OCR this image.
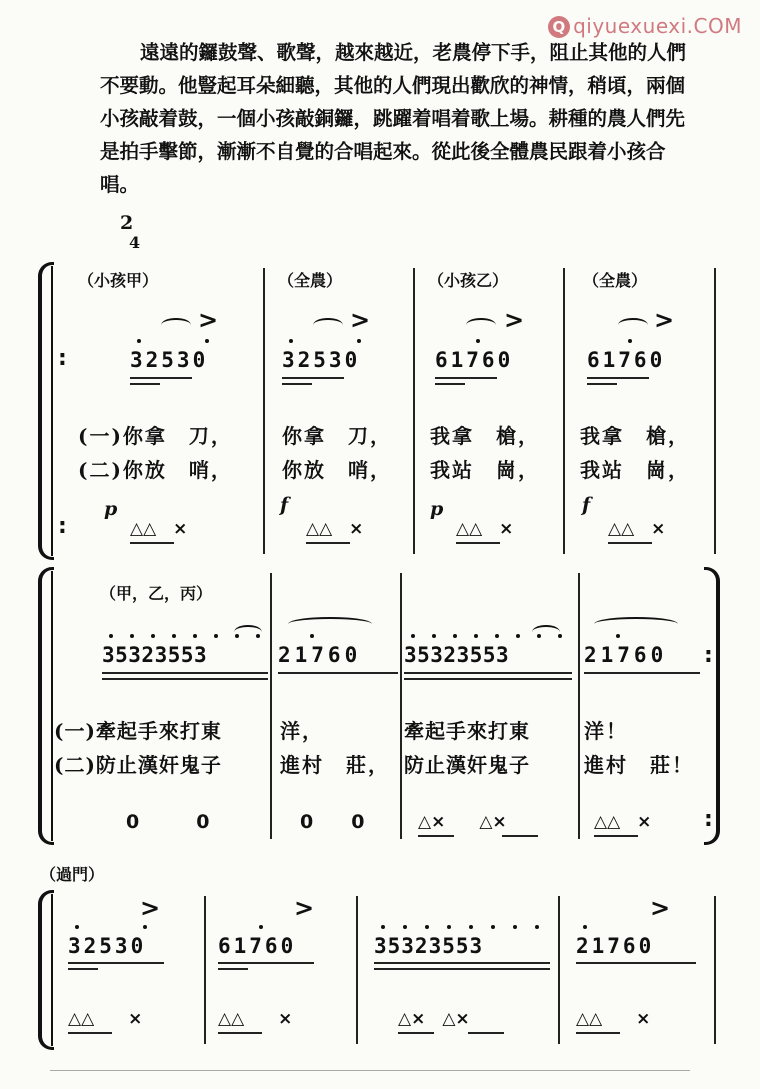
Q qiyuexuexi.COM
遠遠的鑼鼓聲、歌聲，越來越近，老農停下手，阻止其他的人們不要動。他豎起耳朵細聽，其他的人們現出歡欣的神情，稍頃，兩個小孩敲着鼓，一個小孩敲銅鑼，跳躍着唱着歌上場。耕種的農人們先是拍手擊節，漸漸不自覺的合唱起來。從此後全體農民跟着小孩合唱。
2
4
:
:
（小孩甲）
>
32530
(一)你拿　刀，
(二)你放　哨，
p
△△　×
（全農）
>
32530
你拿　刀，
你放　哨，
f
△△　×
（小孩乙）
>
61760
我拿　槍，
我站　崗，
p
△△　×
（全農）
>
61760
我拿　槍，
我站　崗，
f
△△　×
（甲，乙，丙）
35323553
(一)牽起手來打東
(二)防止漢奸鬼子
0　　　0
21760
洋，
進村　莊，
0　　0
35323553
牽起手來打東
防止漢奸鬼子
△×　　△×
21760 :
洋！
進村　莊！
△△　× :
（過門）
>
32530
△△　　×
>
61760
△△　　×
35323553
△×　△×
>
21760
△△　　×
